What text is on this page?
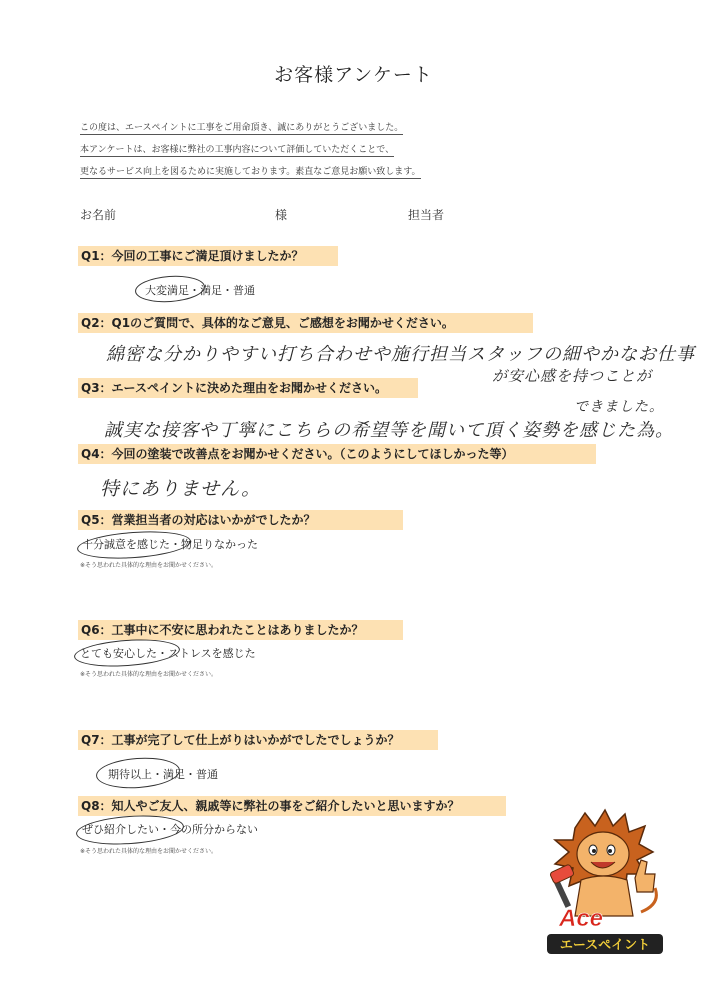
お客様アンケート
この度は、エースペイントに工事をご用命頂き、誠にありがとうございました。
本アンケートは、お客様に弊社の工事内容について評価していただくことで、
更なるサービス向上を図るために実施しております。素直なご意見お願い致します。
お名前	様	担当者
Q1：今回の工事にご満足頂けましたか？
大変満足・満足・普通
Q2：Q1のご質問で、具体的なご意見、ご感想をお聞かせください。
綿密な分かりやすい打ち合わせや施行担当スタッフの細やかなお仕事
が安心感を持つことが
できました。
Q3：エースペイントに決めた理由をお聞かせください。
誠実な接客や丁寧にこちらの希望等を聞いて頂く姿勢を感じた為。
Q4：今回の塗装で改善点をお聞かせください。（このようにしてほしかった等）
特にありません。
Q5：営業担当者の対応はいかがでしたか？
十分誠意を感じた・物足りなかった
※そう思われた具体的な理由をお聞かせください。
Q6：工事中に不安に思われたことはありましたか？
とても安心した・ストレスを感じた
※そう思われた具体的な理由をお聞かせください。
Q7：工事が完了して仕上がりはいかがでしたでしょうか？
期待以上・満足・普通
Q8：知人やご友人、親戚等に弊社の事をご紹介したいと思いますか？
ぜひ紹介したい・今の所分からない
※そう思われた具体的な理由をお聞かせください。
Ace
エースペイント
